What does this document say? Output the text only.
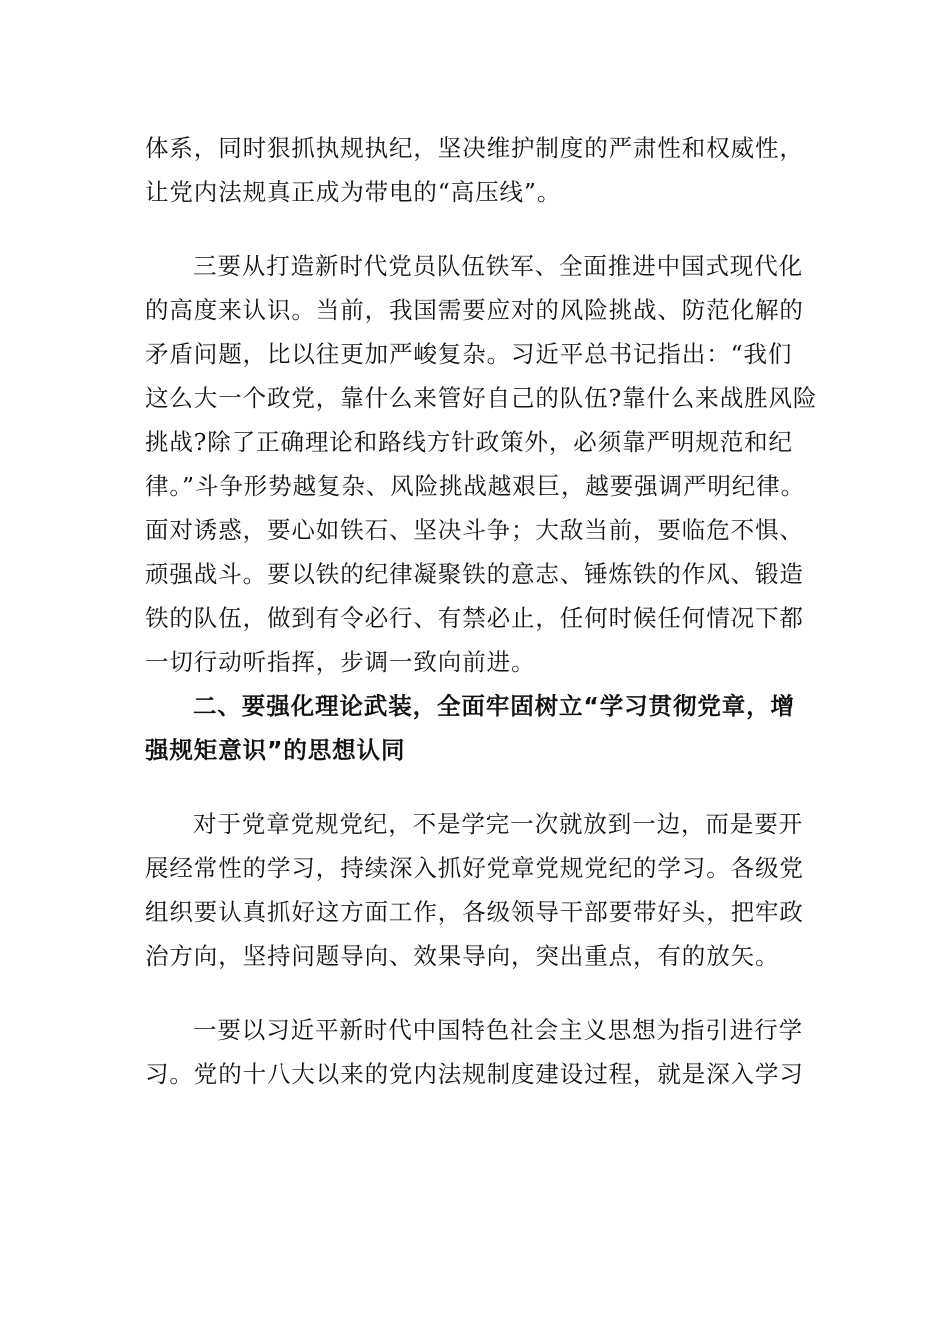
体系，同时狠抓执规执纪，坚决维护制度的严肃性和权威性，
让党内法规真正成为带电的“高压线”。
三要从打造新时代党员队伍铁军、全面推进中国式现代化
的高度来认识。当前，我国需要应对的风险挑战、防范化解的
矛盾问题，比以往更加严峻复杂。习近平总书记指出：“我们
这么大一个政党，靠什么来管好自己的队伍?靠什么来战胜风险
挑战?除了正确理论和路线方针政策外，必须靠严明规范和纪
律。”斗争形势越复杂、风险挑战越艰巨，越要强调严明纪律。
面对诱惑，要心如铁石、坚决斗争；大敌当前，要临危不惧、
顽强战斗。要以铁的纪律凝聚铁的意志、锤炼铁的作风、锻造
铁的队伍，做到有令必行、有禁必止，任何时候任何情况下都
一切行动听指挥，步调一致向前进。
二、要强化理论武装，全面牢固树立“学习贯彻党章，增
强规矩意识”的思想认同
对于党章党规党纪，不是学完一次就放到一边，而是要开
展经常性的学习，持续深入抓好党章党规党纪的学习。各级党
组织要认真抓好这方面工作，各级领导干部要带好头，把牢政
治方向，坚持问题导向、效果导向，突出重点，有的放矢。
一要以习近平新时代中国特色社会主义思想为指引进行学
习。党的十八大以来的党内法规制度建设过程，就是深入学习
